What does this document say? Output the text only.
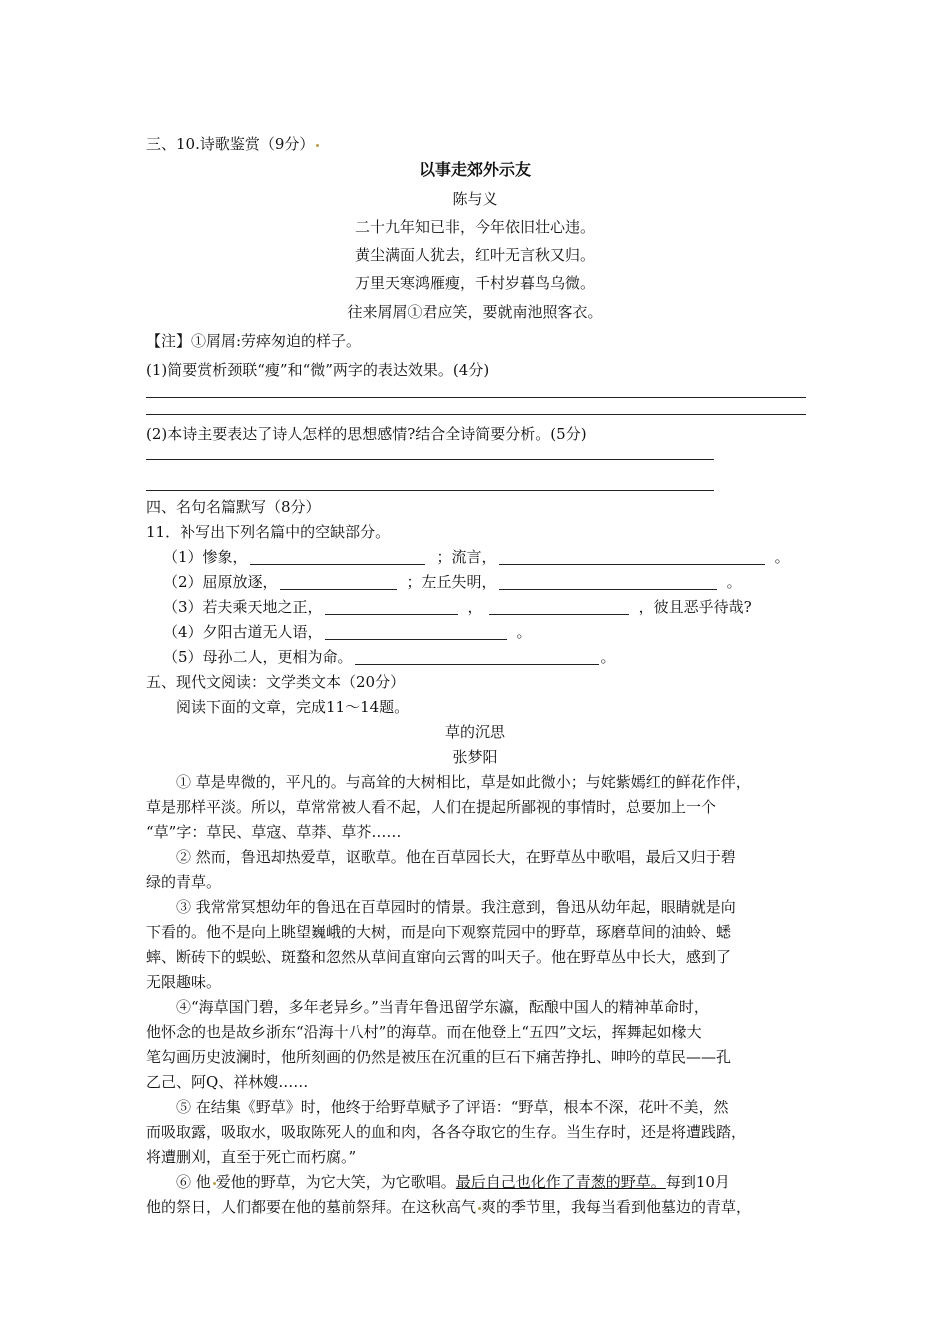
三、10.诗歌鉴赏（9分）
以事走郊外示友
陈与义
二十九年知已非，今年依旧壮心违。
黄尘满面人犹去，红叶无言秋又归。
万里天寒鸿雁瘦，千村岁暮鸟乌微。
往来屑屑①君应笑，要就南池照客衣。
【注】①屑屑:劳瘁匆迫的样子。
(1)简要赏析颈联“瘦”和“微”两字的表达效果。(4分)
(2)本诗主要表达了诗人怎样的思想感情?结合全诗简要分析。(5分)
四、名句名篇默写（8分）
11．补写出下列名篇中的空缺部分。
（1）惨象，	；流言，	。
（2）屈原放逐，	；左丘失明，	。
（3）若夫乘天地之正，	，	，彼且恶乎待哉?
（4）夕阳古道无人语，	。
（5）母孙二人，更相为命。	。
五、现代文阅读：文学类文本（20分）
阅读下面的文章，完成11～14题。
草的沉思
张梦阳
① 草是卑微的，平凡的。与高耸的大树相比，草是如此微小；与姹紫嫣红的鲜花作伴，
草是那样平淡。所以，草常常被人看不起，人们在提起所鄙视的事情时，总要加上一个
“草”字：草民、草寇、草莽、草芥……
② 然而，鲁迅却热爱草，讴歌草。他在百草园长大，在野草丛中歌唱，最后又归于碧
绿的青草。
③ 我常常冥想幼年的鲁迅在百草园时的情景。我注意到，鲁迅从幼年起，眼睛就是向
下看的。他不是向上眺望巍峨的大树，而是向下观察荒园中的野草，琢磨草间的油蛉、蟋
蟀、断砖下的蜈蚣、斑蝥和忽然从草间直窜向云霄的叫天子。他在野草丛中长大，感到了
无限趣味。
④“海草国门碧，多年老异乡。”当青年鲁迅留学东瀛，酝酿中国人的精神革命时，
他怀念的也是故乡浙东“沿海十八村”的海草。而在他登上“五四”文坛，挥舞起如椽大
笔勾画历史波澜时，他所刻画的仍然是被压在沉重的巨石下痛苦挣扎、呻吟的草民——孔
乙己、阿Q、祥林嫂……
⑤ 在结集《野草》时，他终于给野草赋予了评语：“野草，根本不深，花叶不美，然
而吸取露，吸取水，吸取陈死人的血和肉，各各夺取它的生存。当生存时，还是将遭践踏，
将遭删刈，直至于死亡而朽腐。”
⑥ 他 爱他的野草，为它大笑，为它歌唱。最后自己也化作了青葱的野草。每到10月
他的祭日，人们都要在他的墓前祭拜。在这秋高气 爽的季节里，我每当看到他墓边的青草，
